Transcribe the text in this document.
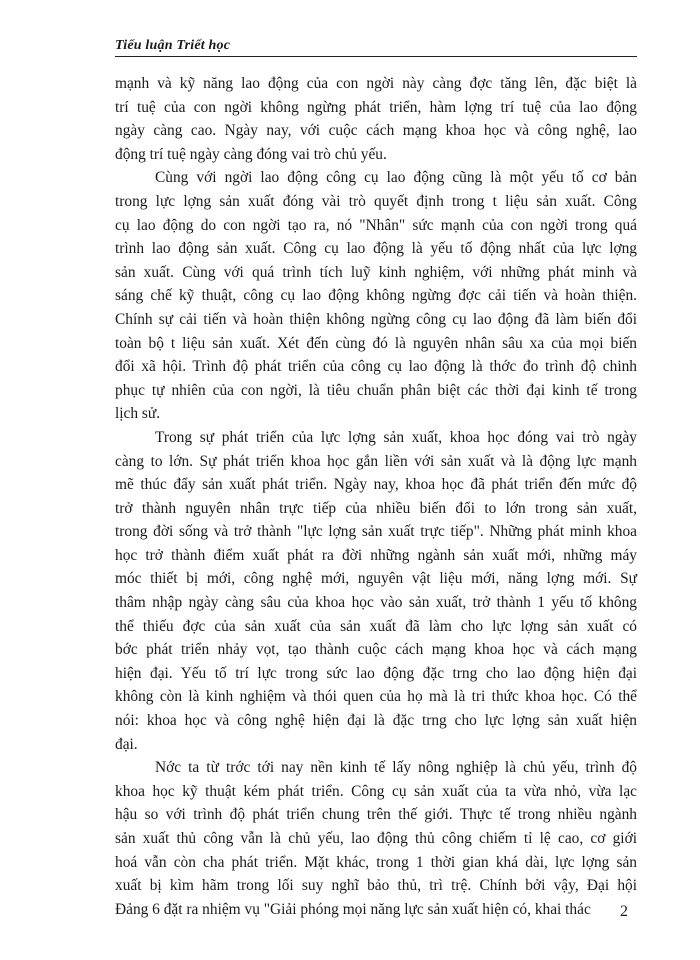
Tiểu luận Triết học
mạnh và kỹ năng lao động của con ngời này càng đợc tăng lên, đặc biệt là
trí tuệ của con ngời không ngừng phát triển, hàm lợng trí tuệ của lao động
ngày càng cao. Ngày nay, với cuộc cách mạng khoa học và công nghệ, lao
động trí tuệ ngày càng đóng vai trò chủ yếu.
Cùng với ngời lao động công cụ lao động cũng là một yếu tố cơ bản
trong lực lợng sản xuất đóng vài trò quyết định trong t liệu sản xuất. Công
cụ lao động do con ngời tạo ra, nó "Nhân" sức mạnh của con ngời trong quá
trình lao động sản xuất. Công cụ lao động là yếu tố động nhất của lực lợng
sản xuất. Cùng với quá trình tích luỹ kinh nghiệm, với những phát minh và
sáng chế kỹ thuật, công cụ lao động không ngừng đợc cải tiến và hoàn thiện.
Chính sự cải tiến và hoàn thiện không ngừng công cụ lao động đã làm biến đổi
toàn bộ t liệu sản xuất. Xét đến cùng đó là nguyên nhân sâu xa của mọi biến
đổi xã hội. Trình độ phát triển của công cụ lao động là thớc đo trình độ chinh
phục tự nhiên của con ngời, là tiêu chuẩn phân biệt các thời đại kinh tế trong
lịch sử.
Trong sự phát triển của lực lợng sản xuất, khoa học đóng vai trò ngày
càng to lớn. Sự phát triển khoa học gắn liền với sản xuất và là động lực mạnh
mẽ thúc đẩy sản xuất phát triển. Ngày nay, khoa học đã phát triển đến mức độ
trở thành nguyên nhân trực tiếp của nhiều biến đổi to lớn trong sản xuất,
trong đời sống và trở thành "lực lợng sản xuất trực tiếp". Những phát minh khoa
học trở thành điểm xuất phát ra đời những ngành sản xuất mới, những máy
móc thiết bị mới, công nghệ mới, nguyên vật liệu mới, năng lợng mới. Sự
thâm nhập ngày càng sâu của khoa học vào sản xuất, trở thành 1 yếu tố không
thể thiếu đợc của sản xuất của sản xuất đã làm cho lực lợng sản xuất có
bớc phát triển nhảy vọt, tạo thành cuộc cách mạng khoa học và cách mạng
hiện đại. Yếu tố trí lực trong sức lao động đặc trng cho lao động hiện đại
không còn là kinh nghiệm và thói quen của họ mà là tri thức khoa học. Có thể
nói: khoa học và công nghệ hiện đại là đặc trng cho lực lợng sản xuất hiện
đại.
Nớc ta từ trớc tới nay nền kinh tế lấy nông nghiệp là chủ yếu, trình độ
khoa học kỹ thuật kém phát triển. Công cụ sản xuất của ta vừa nhỏ, vừa lạc
hậu so với trình độ phát triển chung trên thế giới. Thực tế trong nhiều ngành
sản xuất thủ công vẫn là chủ yếu, lao động thủ công chiếm tỉ lệ cao, cơ giới
hoá vẫn còn cha phát triển. Mặt khác, trong 1 thời gian khá dài, lực lợng sản
xuất bị kìm hãm trong lối suy nghĩ bảo thủ, trì trệ. Chính bởi vậy, Đại hội
Đảng 6 đặt ra nhiệm vụ "Giải phóng mọi năng lực sản xuất hiện có, khai thác	2
